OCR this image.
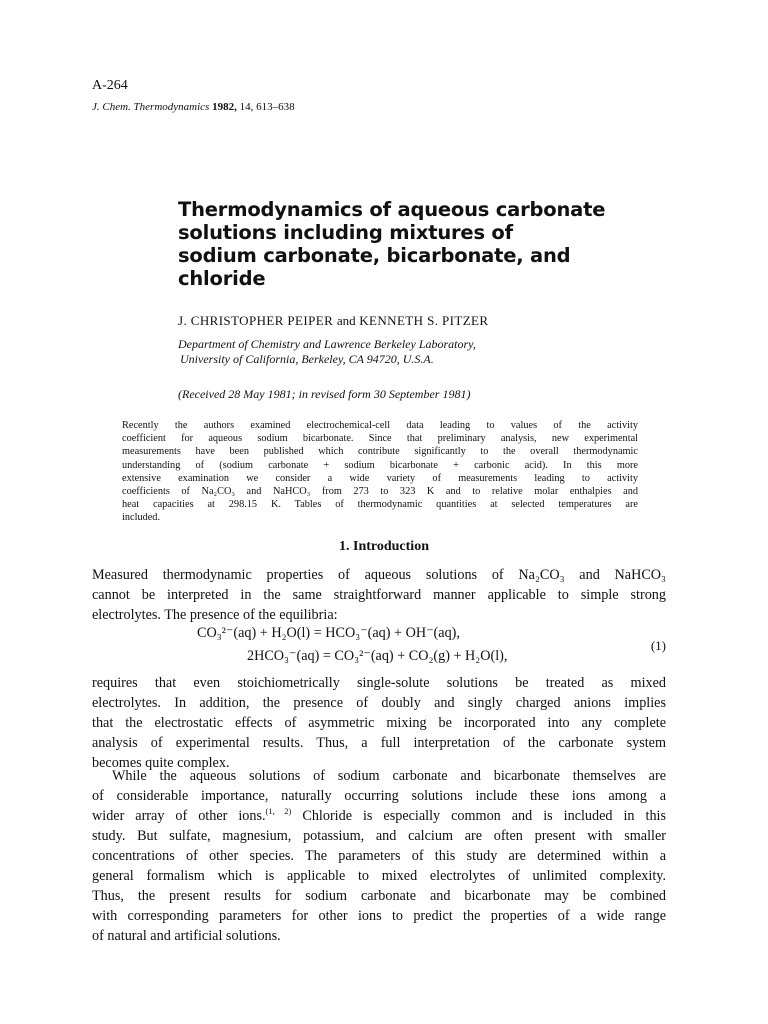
A-264
J. Chem. Thermodynamics 1982, 14, 613–638
Thermodynamics of aqueous carbonate
solutions including mixtures of
sodium carbonate, bicarbonate, and
chloride
J. CHRISTOPHER PEIPER and KENNETH S. PITZER
Department of Chemistry and Lawrence Berkeley Laboratory,
University of California, Berkeley, CA 94720, U.S.A.
(Received 28 May 1981; in revised form 30 September 1981)
Recently the authors examined electrochemical-cell data leading to values of the activity
coefficient for aqueous sodium bicarbonate. Since that preliminary analysis, new experimental
measurements have been published which contribute significantly to the overall thermodynamic
understanding of (sodium carbonate + sodium bicarbonate + carbonic acid). In this more
extensive examination we consider a wide variety of measurements leading to activity
coefficients of Na₂CO₃ and NaHCO₃ from 273 to 323 K and to relative molar enthalpies and
heat capacities at 298.15 K. Tables of thermodynamic quantities at selected temperatures are
included.
1. Introduction
Measured thermodynamic properties of aqueous solutions of Na₂CO₃ and NaHCO₃
cannot be interpreted in the same straightforward manner applicable to simple strong
electrolytes. The presence of the equilibria:
CO₃²⁻(aq) + H₂O(l) = HCO₃⁻(aq) + OH⁻(aq),
2HCO₃⁻(aq) = CO₃²⁻(aq) + CO₂(g) + H₂O(l),
(1)
requires that even stoichiometrically single-solute solutions be treated as mixed
electrolytes. In addition, the presence of doubly and singly charged anions implies
that the electrostatic effects of asymmetric mixing be incorporated into any complete
analysis of experimental results. Thus, a full interpretation of the carbonate system
becomes quite complex.
While the aqueous solutions of sodium carbonate and bicarbonate themselves are
of considerable importance, naturally occurring solutions include these ions among a
wider array of other ions.$^{(1, 2)}$ Chloride is especially common and is included in this
study. But sulfate, magnesium, potassium, and calcium are often present with smaller
concentrations of other species. The parameters of this study are determined within a
general formalism which is applicable to mixed electrolytes of unlimited complexity.
Thus, the present results for sodium carbonate and bicarbonate may be combined
with corresponding parameters for other ions to predict the properties of a wide range
of natural and artificial solutions.
